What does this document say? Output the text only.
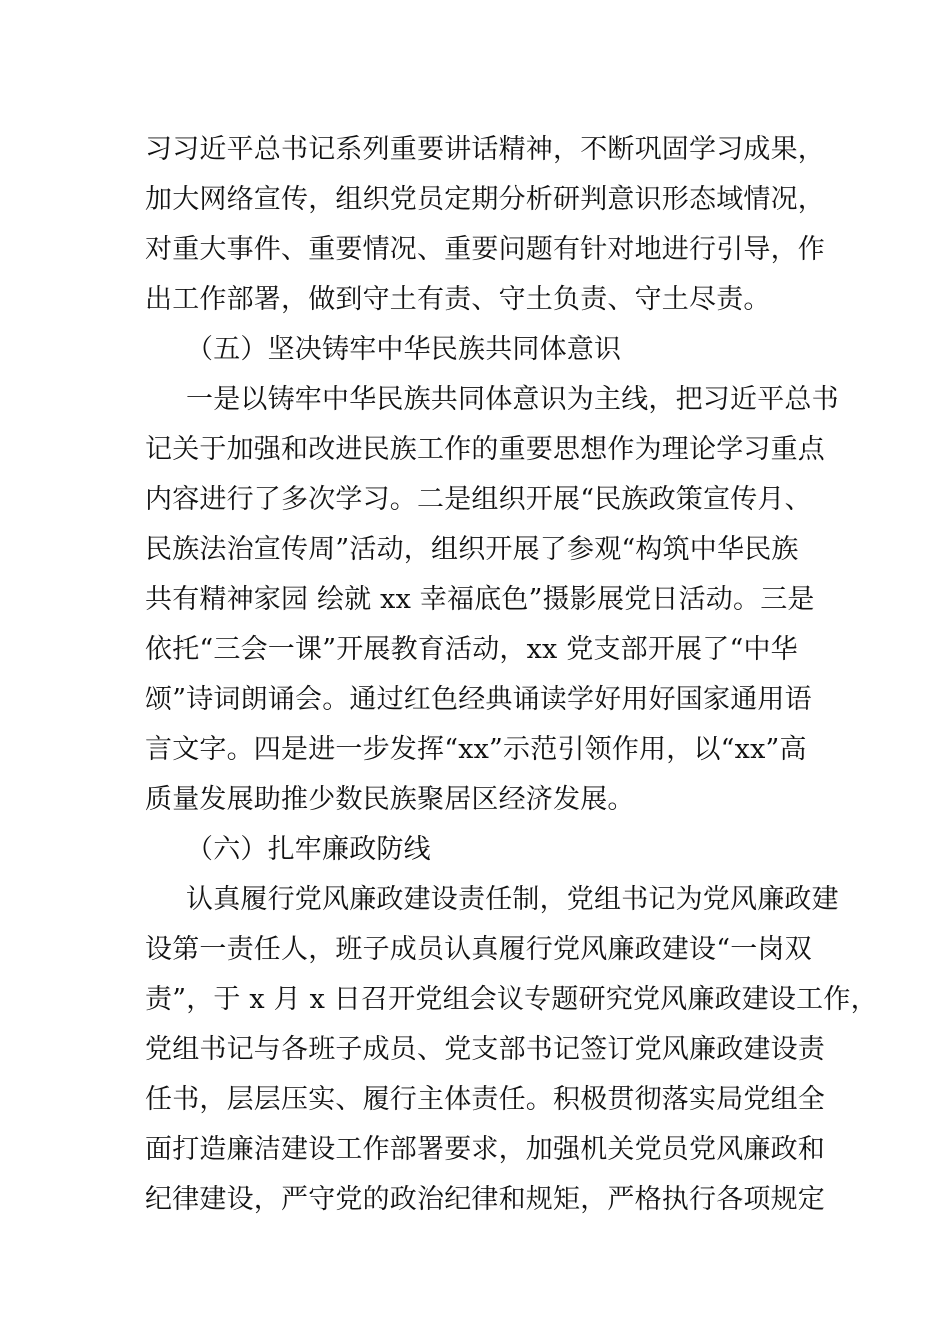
习习近平总书记系列重要讲话精神，不断巩固学习成果，
加大网络宣传，组织党员定期分析研判意识形态域情况，
对重大事件、重要情况、重要问题有针对地进行引导，作
出工作部署，做到守土有责、守土负责、守土尽责。
（五）坚决铸牢中华民族共同体意识
一是以铸牢中华民族共同体意识为主线，把习近平总书
记关于加强和改进民族工作的重要思想作为理论学习重点
内容进行了多次学习。二是组织开展“民族政策宣传月、
民族法治宣传周”活动，组织开展了参观“构筑中华民族
共有精神家园 绘就 xx 幸福底色”摄影展党日活动。三是
依托“三会一课”开展教育活动，xx 党支部开展了“中华
颂”诗词朗诵会。通过红色经典诵读学好用好国家通用语
言文字。四是进一步发挥“xx”示范引领作用，以“xx”高
质量发展助推少数民族聚居区经济发展。
（六）扎牢廉政防线
认真履行党风廉政建设责任制，党组书记为党风廉政建
设第一责任人，班子成员认真履行党风廉政建设“一岗双
责”，于 x 月 x 日召开党组会议专题研究党风廉政建设工作，
党组书记与各班子成员、党支部书记签订党风廉政建设责
任书，层层压实、履行主体责任。积极贯彻落实局党组全
面打造廉洁建设工作部署要求，加强机关党员党风廉政和
纪律建设，严守党的政治纪律和规矩，严格执行各项规定
